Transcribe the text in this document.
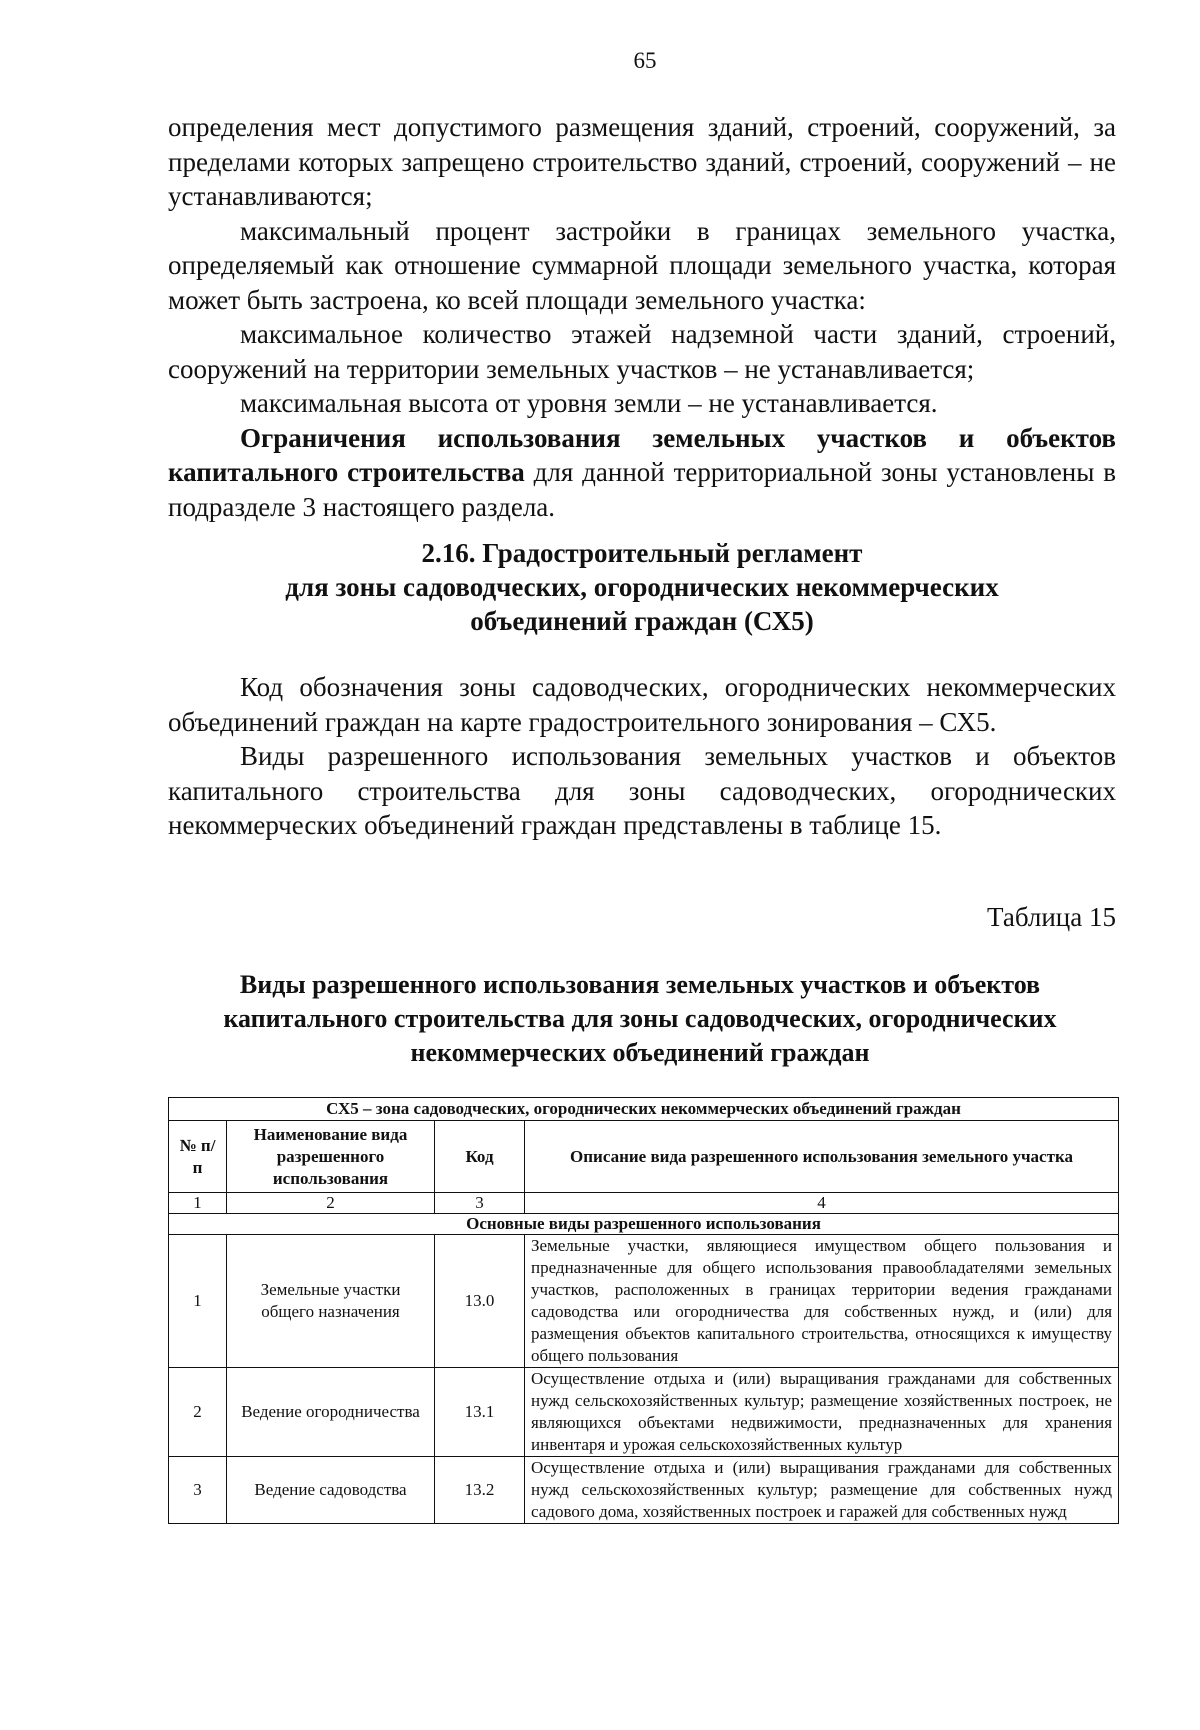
65

определения мест допустимого размещения зданий, строений, сооружений, за пределами которых запрещено строительство зданий, строений, сооружений – не устанавливаются;

максимальный процент застройки в границах земельного участка, определяемый как отношение суммарной площади земельного участка, которая может быть застроена, ко всей площади земельного участка:

максимальное количество этажей надземной части зданий, строений, сооружений на территории земельных участков – не устанавливается;

максимальная высота от уровня земли – не устанавливается.

Ограничения использования земельных участков и объектов капитального строительства для данной территориальной зоны установлены в подразделе 3 настоящего раздела.

2.16. Градостроительный регламент
для зоны садоводческих, огороднических некоммерческих
объединений граждан (СХ5)

Код обозначения зоны садоводческих, огороднических некоммерческих объединений граждан на карте градостроительного зонирования – СХ5.

Виды разрешенного использования земельных участков и объектов капитального строительства для зоны садоводческих, огороднических некоммерческих объединений граждан представлены в таблице 15.

Таблица 15
Виды разрешенного использования земельных участков и объектов
капитального строительства для зоны садоводческих, огороднических
некоммерческих объединений граждан
СХ5 – зона садоводческих, огороднических некоммерческих объединений граждан			
№ п/п	Наименование вида разрешенного использования	Код	Описание вида разрешенного использования земельного участка
1	2	3	4
Основные виды разрешенного использования			
1	Земельные участки общего назначения	13.0	Земельные участки, являющиеся имуществом общего пользования и предназначенные для общего использования правообладателями земельных участков, расположенных в границах территории ведения гражданами садоводства или огородничества для собственных нужд, и (или) для размещения объектов капитального строительства, относящихся к имуществу общего пользования
2	Ведение огородничества	13.1	Осуществление отдыха и (или) выращивания гражданами для собственных нужд сельскохозяйственных культур; размещение хозяйственных построек, не являющихся объектами недвижимости, предназначенных для хранения инвентаря и урожая сельскохозяйственных культур
3	Ведение садоводства	13.2	Осуществление отдыха и (или) выращивания гражданами для собственных нужд сельскохозяйственных культур; размещение для собственных нужд садового дома, хозяйственных построек и гаражей для собственных нужд
